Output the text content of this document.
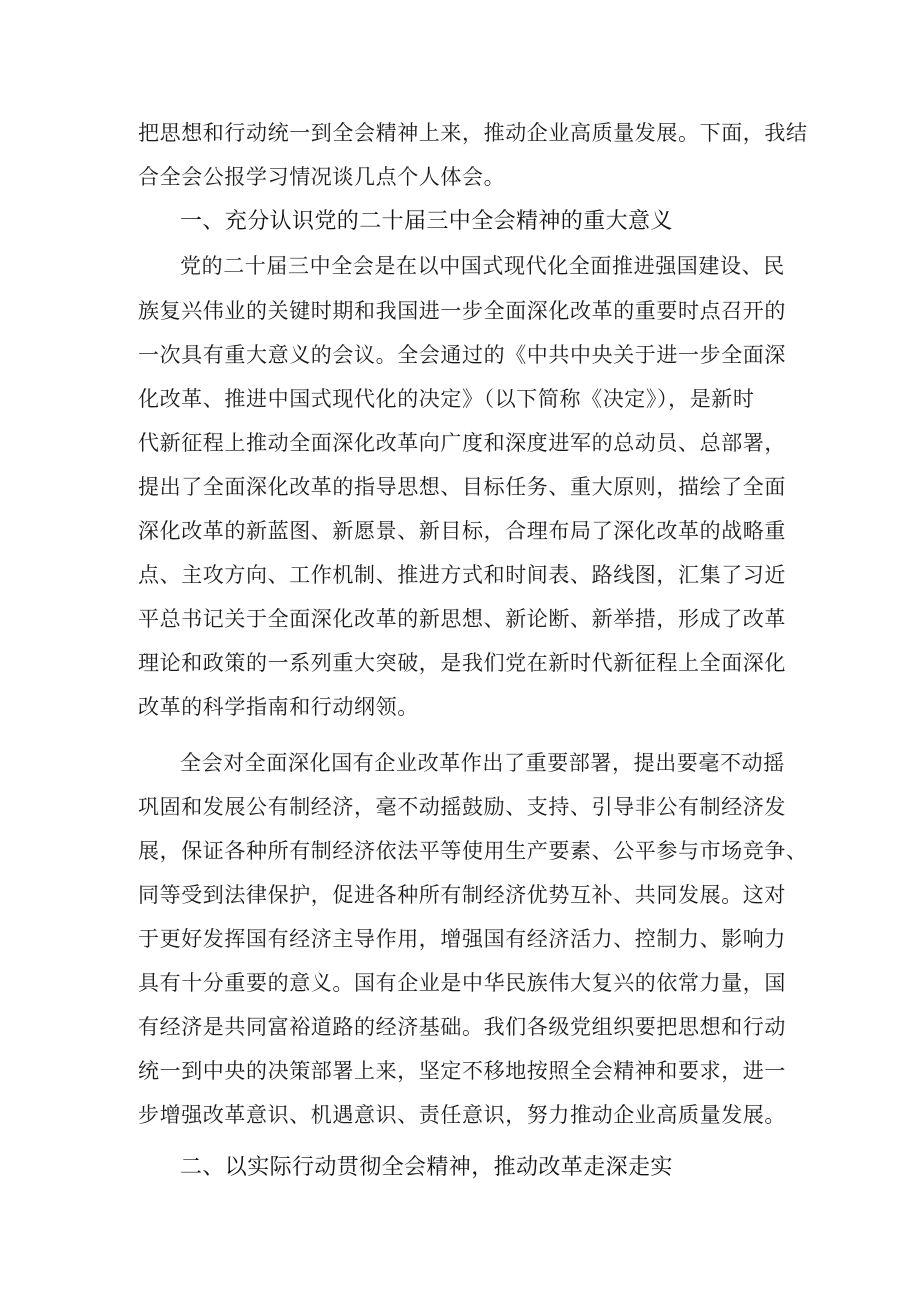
把思想和行动统一到全会精神上来，推动企业高质量发展。下面，我结
合全会公报学习情况谈几点个人体会。
一、充分认识党的二十届三中全会精神的重大意义
党的二十届三中全会是在以中国式现代化全面推进强国建设、民
族复兴伟业的关键时期和我国进一步全面深化改革的重要时点召开的
一次具有重大意义的会议。全会通过的《中共中央关于进一步全面深
化改革、推进中国式现代化的决定》（以下简称《决定》），是新时
代新征程上推动全面深化改革向广度和深度进军的总动员、总部署，
提出了全面深化改革的指导思想、目标任务、重大原则，描绘了全面
深化改革的新蓝图、新愿景、新目标，合理布局了深化改革的战略重
点、主攻方向、工作机制、推进方式和时间表、路线图，汇集了习近
平总书记关于全面深化改革的新思想、新论断、新举措，形成了改革
理论和政策的一系列重大突破，是我们党在新时代新征程上全面深化
改革的科学指南和行动纲领。
全会对全面深化国有企业改革作出了重要部署，提出要毫不动摇
巩固和发展公有制经济，毫不动摇鼓励、支持、引导非公有制经济发
展，保证各种所有制经济依法平等使用生产要素、公平参与市场竞争、
同等受到法律保护，促进各种所有制经济优势互补、共同发展。这对
于更好发挥国有经济主导作用，增强国有经济活力、控制力、影响力
具有十分重要的意义。国有企业是中华民族伟大复兴的依常力量，国
有经济是共同富裕道路的经济基础。我们各级党组织要把思想和行动
统一到中央的决策部署上来，坚定不移地按照全会精神和要求，进一
步增强改革意识、机遇意识、责任意识，努力推动企业高质量发展。
二、以实际行动贯彻全会精神，推动改革走深走实
